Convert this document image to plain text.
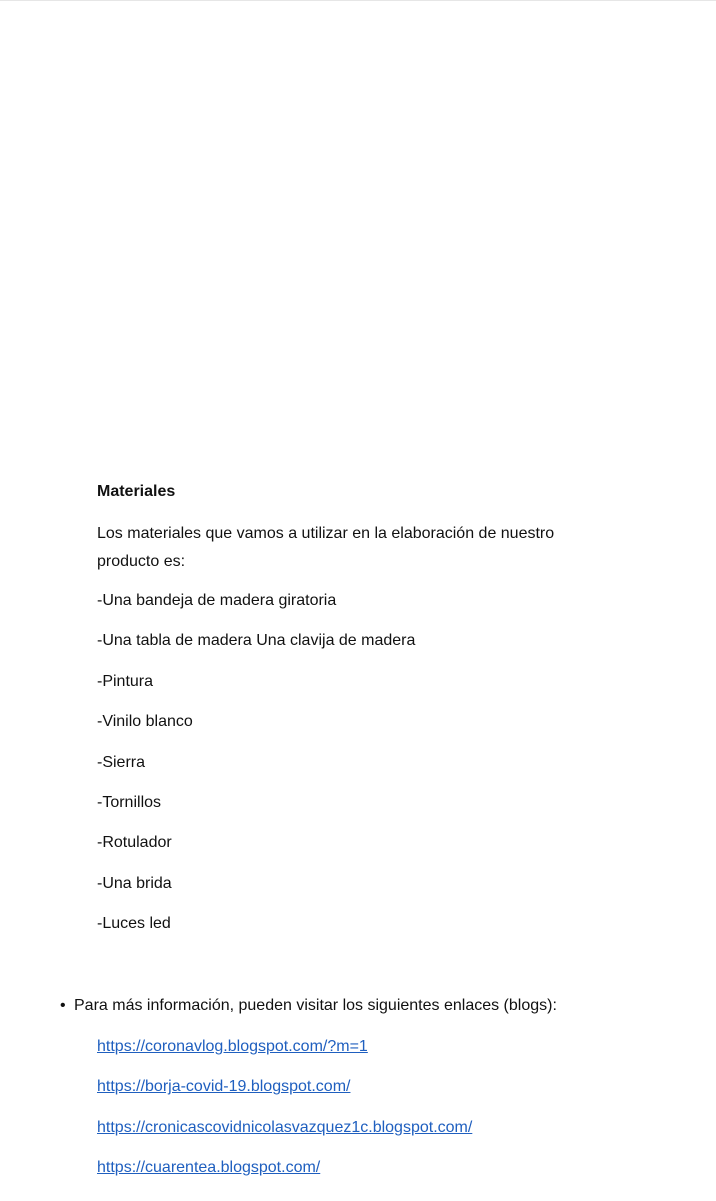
Materiales
Los materiales que vamos a utilizar en la elaboración de nuestro producto es:
-Una bandeja de madera giratoria
-Una tabla de madera Una clavija de madera
-Pintura
-Vinilo blanco
-Sierra
-Tornillos
-Rotulador
-Una brida
-Luces led
• Para más información, pueden visitar los siguientes enlaces (blogs):
https://coronavlog.blogspot.com/?m=1
https://borja-covid-19.blogspot.com/
https://cronicascovidnicolasvazquez1c.blogspot.com/
https://cuarentea.blogspot.com/
